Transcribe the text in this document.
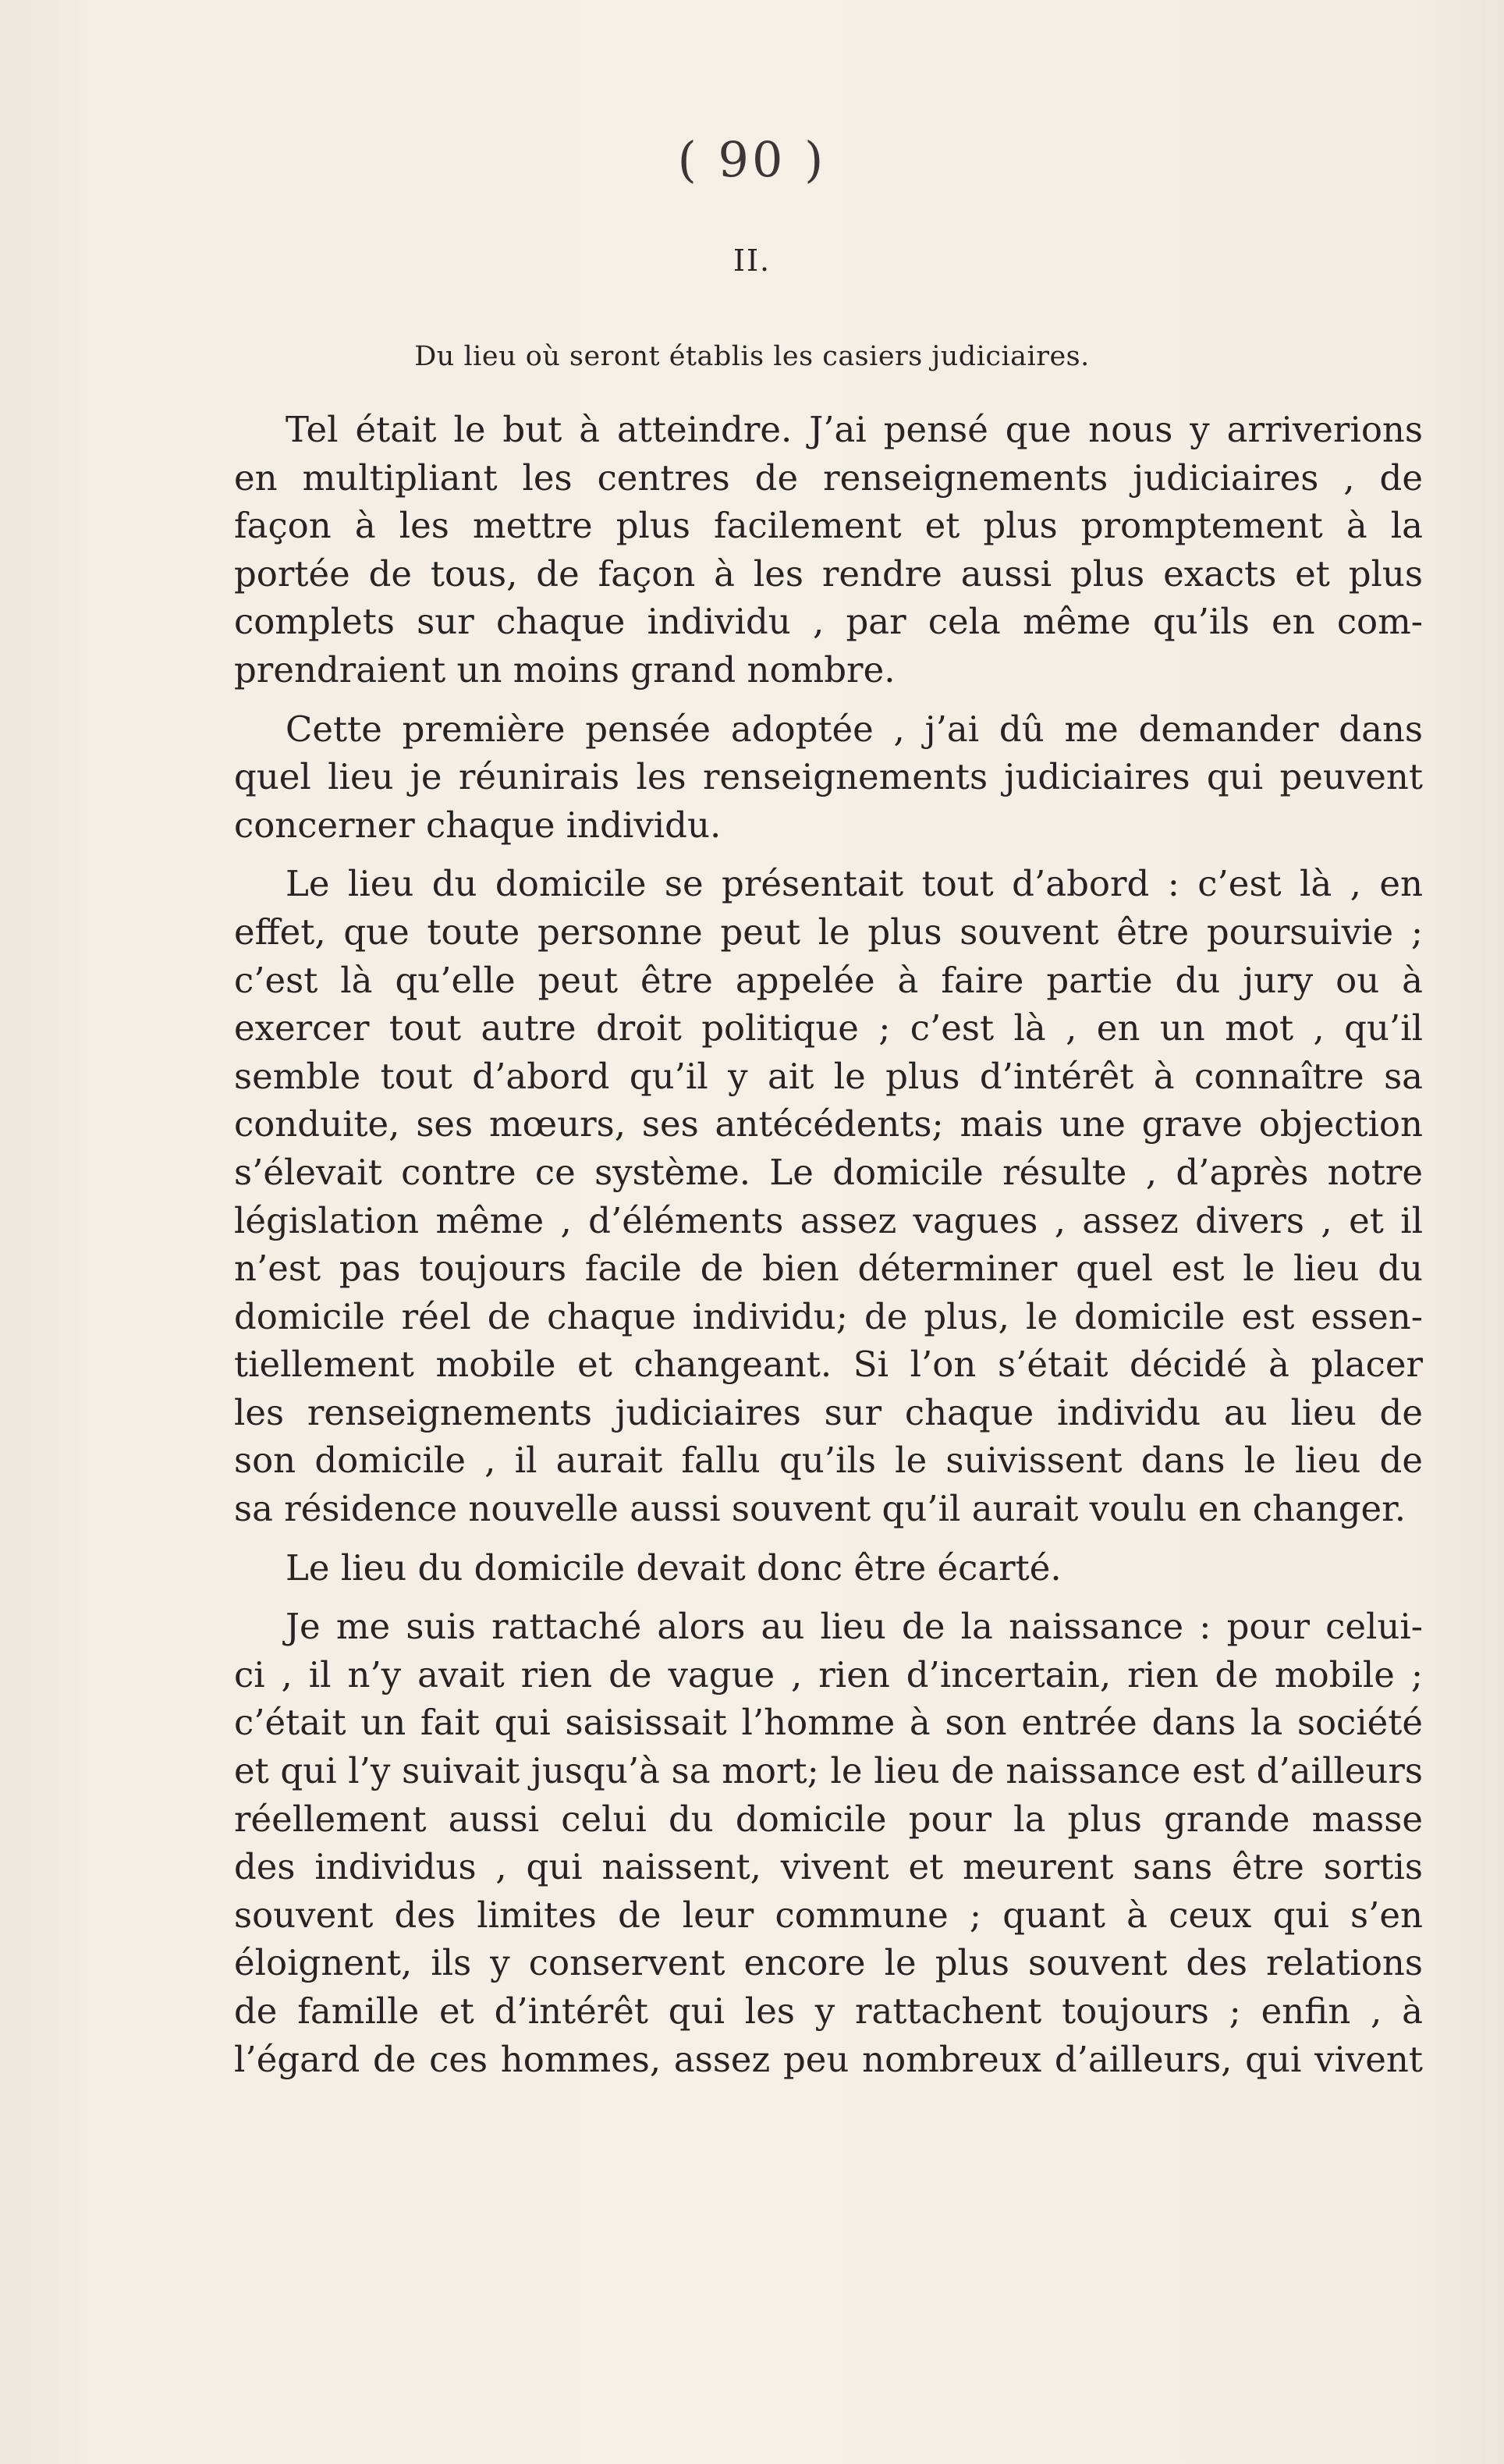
( 90 )
II.
Du lieu où seront établis les casiers judiciaires.
Tel était le but à atteindre. J’ai pensé que nous y arriverions
en multipliant les centres de renseignements judiciaires , de
façon à les mettre plus facilement et plus promptement à la
portée de tous, de façon à les rendre aussi plus exacts et plus
complets sur chaque individu , par cela même qu’ils en com-
prendraient un moins grand nombre.
Cette première pensée adoptée , j’ai dû me demander dans
quel lieu je réunirais les renseignements judiciaires qui peuvent
concerner chaque individu.
Le lieu du domicile se présentait tout d’abord : c’est là , en
effet, que toute personne peut le plus souvent être poursuivie ;
c’est là qu’elle peut être appelée à faire partie du jury ou à
exercer tout autre droit politique ; c’est là , en un mot , qu’il
semble tout d’abord qu’il y ait le plus d’intérêt à connaître sa
conduite, ses mœurs, ses antécédents; mais une grave objection
s’élevait contre ce système. Le domicile résulte , d’après notre
législation même , d’éléments assez vagues , assez divers , et il
n’est pas toujours facile de bien déterminer quel est le lieu du
domicile réel de chaque individu; de plus, le domicile est essen-
tiellement mobile et changeant. Si l’on s’était décidé à placer
les renseignements judiciaires sur chaque individu au lieu de
son domicile , il aurait fallu qu’ils le suivissent dans le lieu de
sa résidence nouvelle aussi souvent qu’il aurait voulu en changer.
Le lieu du domicile devait donc être écarté.
Je me suis rattaché alors au lieu de la naissance : pour celui-
ci , il n’y avait rien de vague , rien d’incertain, rien de mobile ;
c’était un fait qui saisissait l’homme à son entrée dans la société
et qui l’y suivait jusqu’à sa mort; le lieu de naissance est d’ailleurs
réellement aussi celui du domicile pour la plus grande masse
des individus , qui naissent, vivent et meurent sans être sortis
souvent des limites de leur commune ; quant à ceux qui s’en
éloignent, ils y conservent encore le plus souvent des relations
de famille et d’intérêt qui les y rattachent toujours ; enfin , à
l’égard de ces hommes, assez peu nombreux d’ailleurs, qui vivent
